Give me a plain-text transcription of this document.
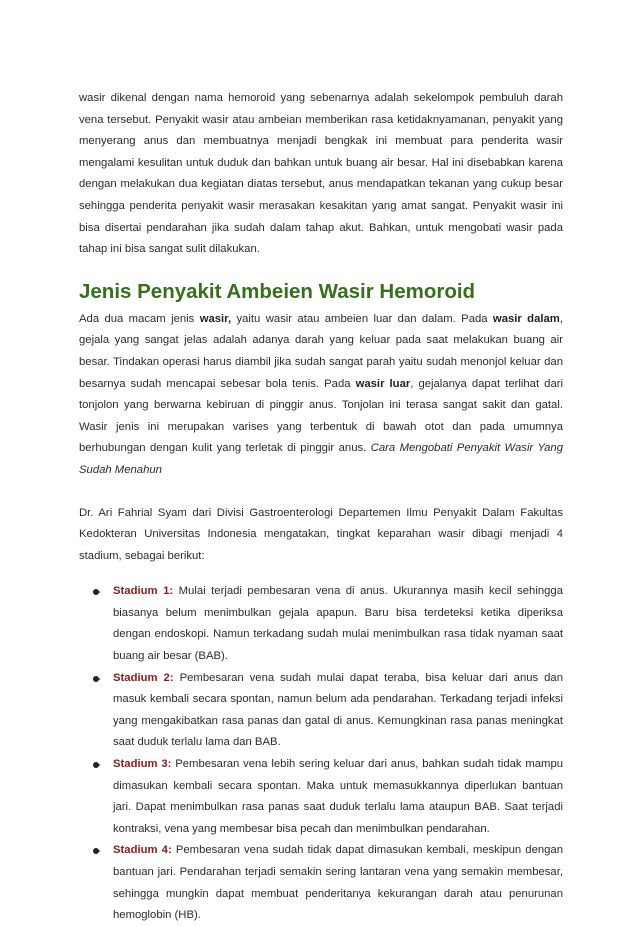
wasir dikenal dengan nama hemoroid yang sebenarnya adalah sekelompok pembuluh darah vena tersebut. Penyakit wasir atau ambeian memberikan rasa ketidaknyamanan, penyakit yang menyerang anus dan membuatnya menjadi bengkak ini membuat para penderita wasir mengalami kesulitan untuk duduk dan bahkan untuk buang air besar. Hal ini disebabkan karena dengan melakukan dua kegiatan diatas tersebut, anus mendapatkan tekanan yang cukup besar sehingga penderita penyakit wasir merasakan kesakitan yang amat sangat. Penyakit wasir ini bisa disertai pendarahan jika sudah dalam tahap akut. Bahkan, untuk mengobati wasir pada tahap ini bisa sangat sulit dilakukan.

Jenis Penyakit Ambeien Wasir Hemoroid

Ada dua macam jenis wasir, yaitu wasir atau ambeien luar dan dalam. Pada wasir dalam, gejala yang sangat jelas adalah adanya darah yang keluar pada saat melakukan buang air besar. Tindakan operasi harus diambil jika sudah sangat parah yaitu sudah menonjol keluar dan besarnya sudah mencapai sebesar bola tenis. Pada wasir luar, gejalanya dapat terlihat dari tonjolon yang berwarna kebiruan di pinggir anus. Tonjolan ini terasa sangat sakit dan gatal. Wasir jenis ini merupakan varises yang terbentuk di bawah otot dan pada umumnya berhubungan dengan kulit yang terletak di pinggir anus. Cara Mengobati Penyakit Wasir Yang Sudah Menahun

Dr. Ari Fahrial Syam dari Divisi Gastroenterologi Departemen Ilmu Penyakit Dalam Fakultas Kedokteran Universitas Indonesia mengatakan, tingkat keparahan wasir dibagi menjadi 4 stadium, sebagai berikut:

Stadium 1: Mulai terjadi pembesaran vena di anus. Ukurannya masih kecil sehingga biasanya belum menimbulkan gejala apapun. Baru bisa terdeteksi ketika diperiksa dengan endoskopi. Namun terkadang sudah mulai menimbulkan rasa tidak nyaman saat buang air besar (BAB).

Stadium 2: Pembesaran vena sudah mulai dapat teraba, bisa keluar dari anus dan masuk kembali secara spontan, namun belum ada pendarahan. Terkadang terjadi infeksi yang mengakibatkan rasa panas dan gatal di anus. Kemungkinan rasa panas meningkat saat duduk terlalu lama dan BAB.

Stadium 3: Pembesaran vena lebih sering keluar dari anus, bahkan sudah tidak mampu dimasukan kembali secara spontan. Maka untuk memasukkannya diperlukan bantuan jari. Dapat menimbulkan rasa panas saat duduk terlalu lama ataupun BAB. Saat terjadi kontraksi, vena yang membesar bisa pecah dan menimbulkan pendarahan.

Stadium 4: Pembesaran vena sudah tidak dapat dimasukan kembali, meskipun dengan bantuan jari. Pendarahan terjadi semakin sering lantaran vena yang semakin membesar, sehingga mungkin dapat membuat penderitanya kekurangan darah atau penurunan hemoglobin (HB).
